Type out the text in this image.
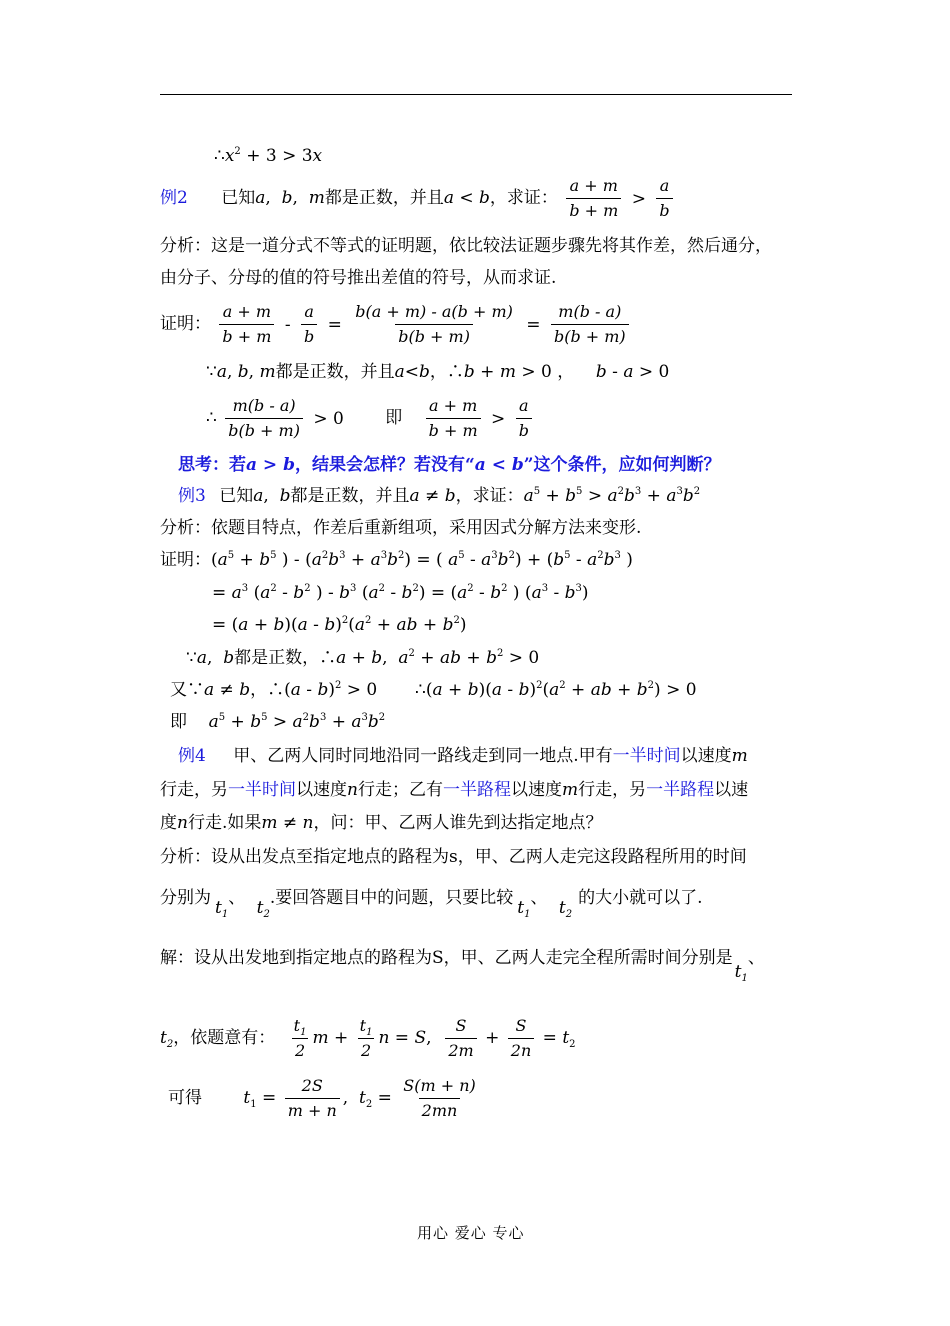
$\therefore x^2 + 3 > 3x$
例2 已知a,  b,  m都是正数，并且a < b，求证： $\frac{a + m}{b + m} > \frac{a}{b}$
分析：这是一道分式不等式的证明题，依比较法证题步骤先将其作差，然后通分，
由分子、分母的值的符号推出差值的符号，从而求证.
证明： $\frac{a + m}{b + m} - \frac{a}{b} = \frac{b(a + m) - a(b + m)}{b(b + m)} = \frac{m(b - a)}{b(b + m)}$
∵a, b, m都是正数，并且a<b，∴b + m > 0 ，    b - a > 0
∴ $\frac{m(b - a)}{b(b + m)} > 0$ 即 $\frac{a + m}{b + m} > \frac{a}{b}$
思考：若a > b，结果会怎样？若没有“a < b”这个条件，应如何判断？
例3 已知a,  b都是正数，并且a ≠ b，求证：$a^5 + b^5 > a^2b^3 + a^3b^2$
分析：依题目特点，作差后重新组项，采用因式分解方法来变形.
证明：($a^5 + b^5$ ) - $(a^2b^3 + a^3b^2)$ = ( $a^5 - a^3b^2) + (b^5 - a^2b^3$ )
= $a^3$ ($a^2 - b^2$ ) - $b^3$ $(a^2 - b^2) = (a^2 - b^2$ ) $(a^3 - b^3)$
= $(a + b)(a - b)^2(a^2$ + ab + $b^2$)
∵a,  b都是正数，∴a + b,  $a^2$ + ab + $b^2 > 0$
又∵a ≠ b，∴(a - b)$^2$ > 0       ∴(a + $b)(a - b)^2(a^2$ + ab + $b^2) > 0$
即    $a^5 + b^5 > a^2b^3 + a^3b^2$
例4 甲、乙两人同时同地沿同一路线走到同一地点.甲有一半时间以速度m
行走，另一半时间以速度n行走；乙有一半路程以速度m行走，另一半路程以速
度n行走.如果m ≠ n，问：甲、乙两人谁先到达指定地点？
分析：设从出发点至指定地点的路程为s，甲、乙两人走完这段路程所用的时间
分别为 $t_1$、 $t_2$.要回答题目中的问题，只要比较 $t_1$、 $t_2$的大小就可以了.
解：设从出发地到指定地点的路程为S，甲、乙两人走完全程所需时间分别是$t_1$、
$t_2$，依题意有： $\frac{t_1}{2}$ $m + \frac{t_1}{2}$ n = S, $\frac{S}{2m} + \frac{S}{2n} = t_2$
可得 $t_1 = \frac{2S}{m + n}$ ,  $t_2 = \frac{S(m + n)}{2mn}$
用心 爱心 专心
